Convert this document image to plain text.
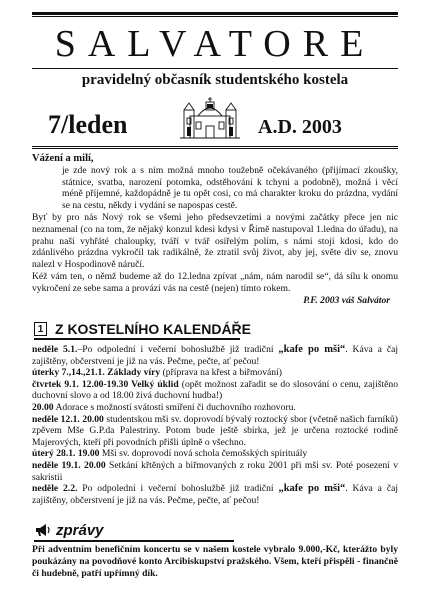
SALVATORE
pravidelný občasník studentského kostela
7/leden	A.D. 2003

Vážení a milí,

je zde nový rok a s ním možná mnoho toužebně očekávaného (přijímací zkoušky, státnice, svatba, narození potomka, odstěhování k tchyni a podobně), možná i věcí méně příjemné, každopádně je tu opět cosi, co má charakter kroku do prázdna, vydání se na cestu, někdy i vydání se napospas cestě.

Byť by pro nás Nový rok se všemi jeho předsevzetími a novými začátky přece jen nic neznamenal (co na tom, že nějaký konzul kdesi kdysi v Římě nastupoval 1.ledna do úřadu), na prahu naší vyhřáté chaloupky, tváří v tvář osiřelým polím, s námi stojí kdosi, kdo do zdánlivého prázdna vykročil tak radikálně, že ztratil svůj život, aby jej, světe div se, znovu nalezl v Hospodinově náručí.

Kéž vám ten, o němž budeme až do 12.ledna zpívat „nám, nám narodil se“, dá sílu k onomu vykročení ze sebe sama a provází vás na cestě (nejen) tímto rokem.

P.F. 2003 váš Salvátor

1 Z KOSTELNÍHO KALENDÁŘE

neděle 5.1.–Po odpolední i večerní bohoslužbě již tradiční „kafe po mši“. Káva a čaj zajištěny, občerstvení je již na vás. Pečme, pečte, ať pečou!

úterky 7.,14.,21.1. Základy víry (příprava na křest a biřmování)

čtvrtek 9.1. 12.00-19.30 Velký úklid (opět možnost zařadit se do slosování o cenu, zajištěno duchovní slovo a od 18.00 živá duchovní hudba!)

20.00 Adorace s možností svátosti smíření či duchovního rozhovoru.

neděle 12.1. 20.00 studentskou mši sv. doprovodí bývalý roztocký sbor (včetně našich farníků) zpěvem Mše G.P.da Palestriny. Potom bude ještě sbírka, jež je určena roztocké rodině Majerových, kteří při povodních přišli úplně o všechno.

úterý 28.1. 19.00 Mši sv. doprovodí nová schola čemošských spirituály

neděle 19.1. 20.00 Setkání křtěných a biřmovaných z roku 2001 při mši sv. Poté posezení v sakristii

neděle 2.2. Po odpolední i večerní bohoslužbě již tradiční „kafe po mši“. Káva a čaj zajištěny, občerstvení je již na vás. Pečme, pečte, ať pečou!

zprávy
Při adventním benefičním koncertu se v našem kostele vybralo 9.000,-Kč, kterážto byly poukázány na povodňové konto Arcibiskupství pražského. Všem, kteří přispěli - finančně či hudebně, patří upřímný dík.
